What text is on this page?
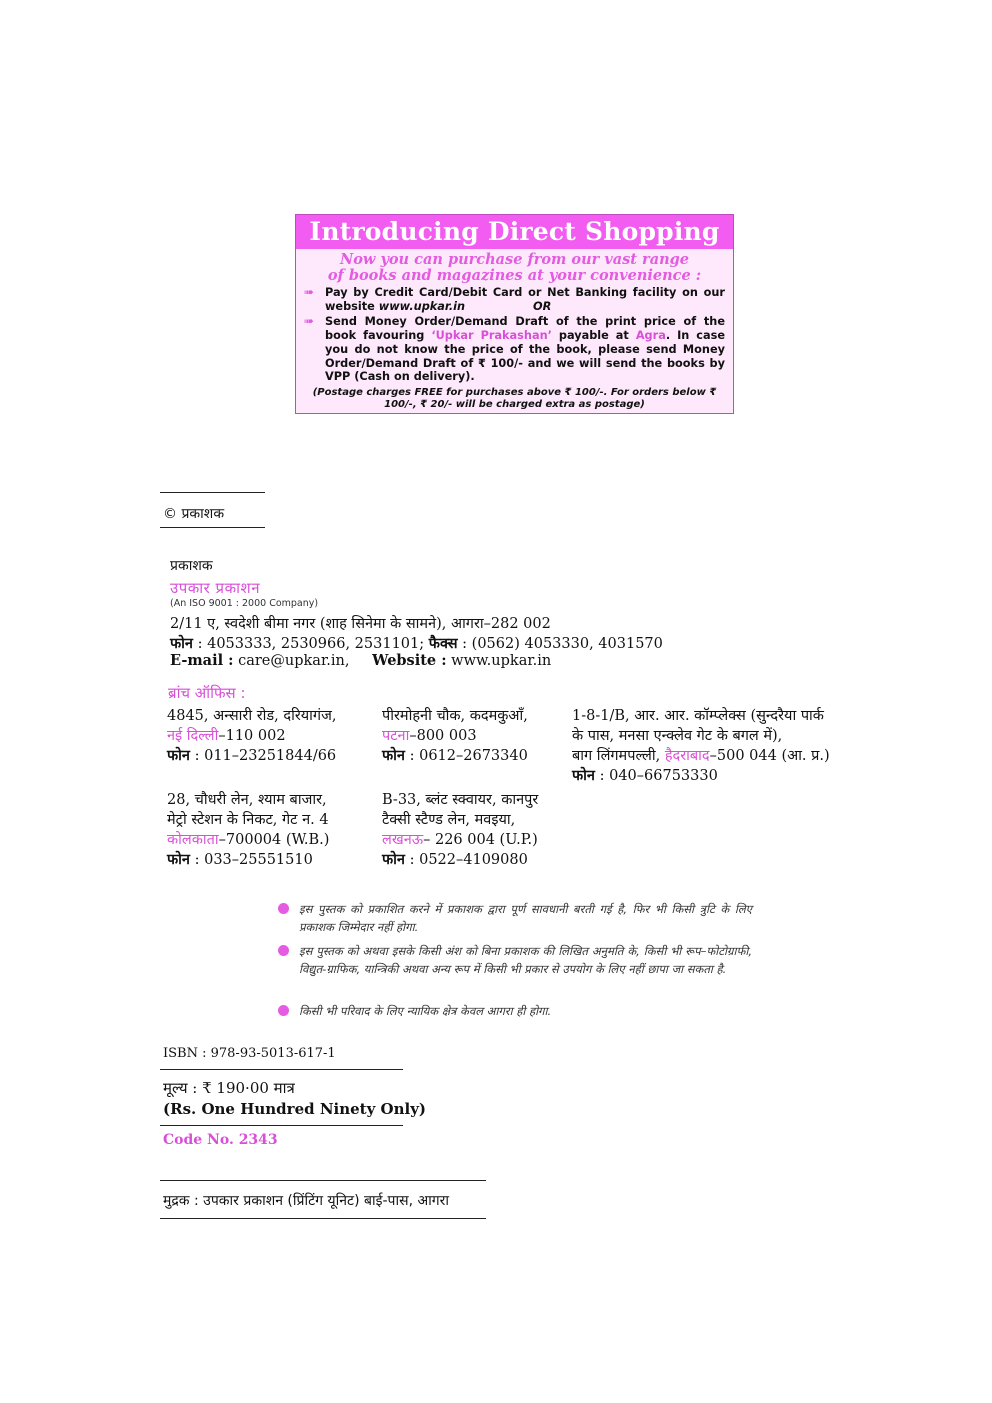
Introducing Direct Shopping
Now you can purchase from our vast range
of books and magazines at your convenience :
➠ Pay by Credit Card/Debit Card or Net Banking facility on our website www.upkar.in	OR
➠ Send Money Order/Demand Draft of the print price of the book favouring ‘Upkar Prakashan’ payable at Agra. In case you do not know the price of the book, please send Money Order/Demand Draft of ₹ 100/- and we will send the books by VPP (Cash on delivery).
(Postage charges FREE for purchases above ₹ 100/-. For orders below ₹ 100/-, ₹ 20/- will be charged extra as postage)
© प्रकाशक
प्रकाशक
उपकार प्रकाशन
(An ISO 9001 : 2000 Company)
2/11 ए, स्वदेशी बीमा नगर (शाह सिनेमा के सामने), आगरा–282 002
फोन : 4053333, 2530966, 2531101; फैक्स : (0562) 4053330, 4031570
E-mail : care@upkar.in, Website : www.upkar.in
ब्रांच ऑफिस :
4845, अन्सारी रोड, दरियागंज,
नई दिल्ली–110 002
फोन : 011–23251844/66
पीरमोहनी चौक, कदमकुआँ,
पटना–800 003
फोन : 0612–2673340
1-8-1/B, आर. आर. कॉम्प्लेक्स (सुन्दरैया पार्क
के पास, मनसा एन्क्लेव गेट के बगल में),
बाग लिंगमपल्ली, हैदराबाद–500 044 (आ. प्र.)
फोन : 040–66753330
28, चौधरी लेन, श्याम बाजार,
मेट्रो स्टेशन के निकट, गेट न. 4
कोलकाता–700004 (W.B.)
फोन : 033–25551510
B-33, ब्लंट स्क्वायर, कानपुर
टैक्सी स्टैण्ड लेन, मवइया,
लखनऊ– 226 004 (U.P.)
फोन : 0522–4109080
इस पुस्तक को प्रकाशित करने में प्रकाशक द्वारा पूर्ण सावधानी बरती गई है, फिर भी किसी त्रुटि के लिए प्रकाशक जिम्मेदार नहीं होगा.
इस पुस्तक को अथवा इसके किसी अंश को बिना प्रकाशक की लिखित अनुमति के, किसी भी रूप–फोटोग्राफी, विद्युत-ग्राफिक, यान्त्रिकी अथवा अन्य रूप में किसी भी प्रकार से उपयोग के लिए नहीं छापा जा सकता है.
किसी भी परिवाद के लिए न्यायिक क्षेत्र केवल आगरा ही होगा.
ISBN : 978-93-5013-617-1
मूल्य : ₹ 190·00 मात्र
(Rs. One Hundred Ninety Only)
Code No. 2343
मुद्रक : उपकार प्रकाशन (प्रिंटिंग यूनिट) बाई-पास, आगरा
